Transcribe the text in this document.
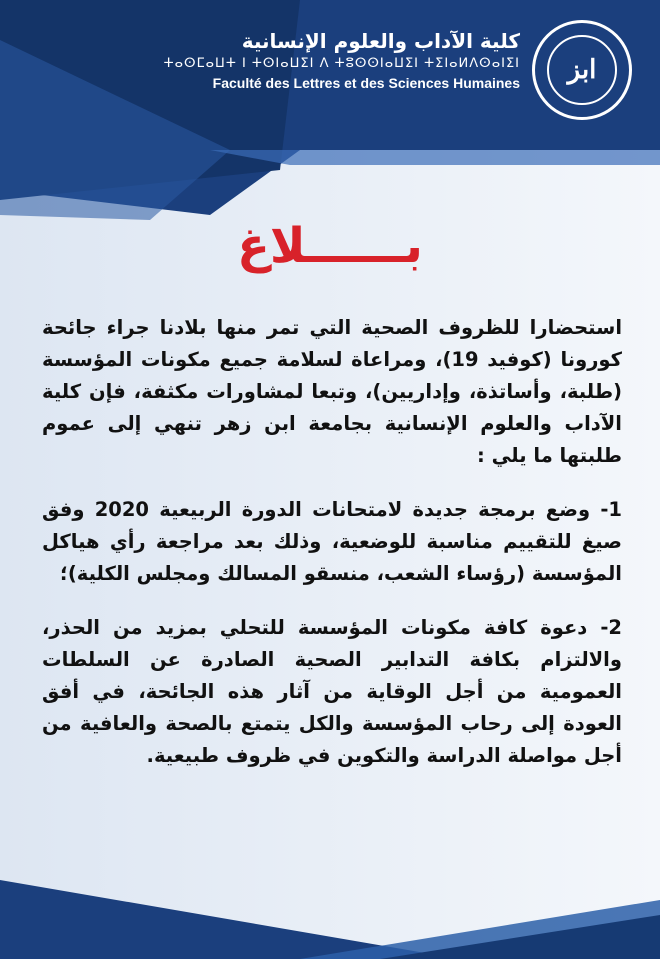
ابز
كلية الآداب والعلوم الإنسانية
ⵜⴰⵙⵎⴰⵡⵜ ⵏ ⵜⵙⵏⴰⵡⵉⵏ ⴷ ⵜⵓⵙⵙⵏⴰⵡⵉⵏ ⵜⵉⵏⴰⵍⴷⵙⴰⵏⵉⵏ
Faculté des Lettres et des Sciences Humaines
بــــــلاغ

استحضارا للظروف الصحية التي تمر منها بلادنا جراء جائحة كورونا (كوفيد 19)، ومراعاة لسلامة جميع مكونات المؤسسة (طلبة، وأساتذة، وإداريين)، وتبعا لمشاورات مكثفة، فإن كلية الآداب والعلوم الإنسانية بجامعة ابن زهر تنهي إلى عموم طلبتها ما يلي :

1- وضع برمجة جديدة لامتحانات الدورة الربيعية 2020 وفق صيغ للتقييم مناسبة للوضعية، وذلك بعد مراجعة رأي هياكل المؤسسة (رؤساء الشعب، منسقو المسالك ومجلس الكلية)؛

2- دعوة كافة مكونات المؤسسة للتحلي بمزيد من الحذر، والالتزام بكافة التدابير الصحية الصادرة عن السلطات العمومية من أجل الوقاية من آثار هذه الجائحة، في أفق العودة إلى رحاب المؤسسة والكل يتمتع بالصحة والعافية من أجل مواصلة الدراسة والتكوين في ظروف طبيعية.
